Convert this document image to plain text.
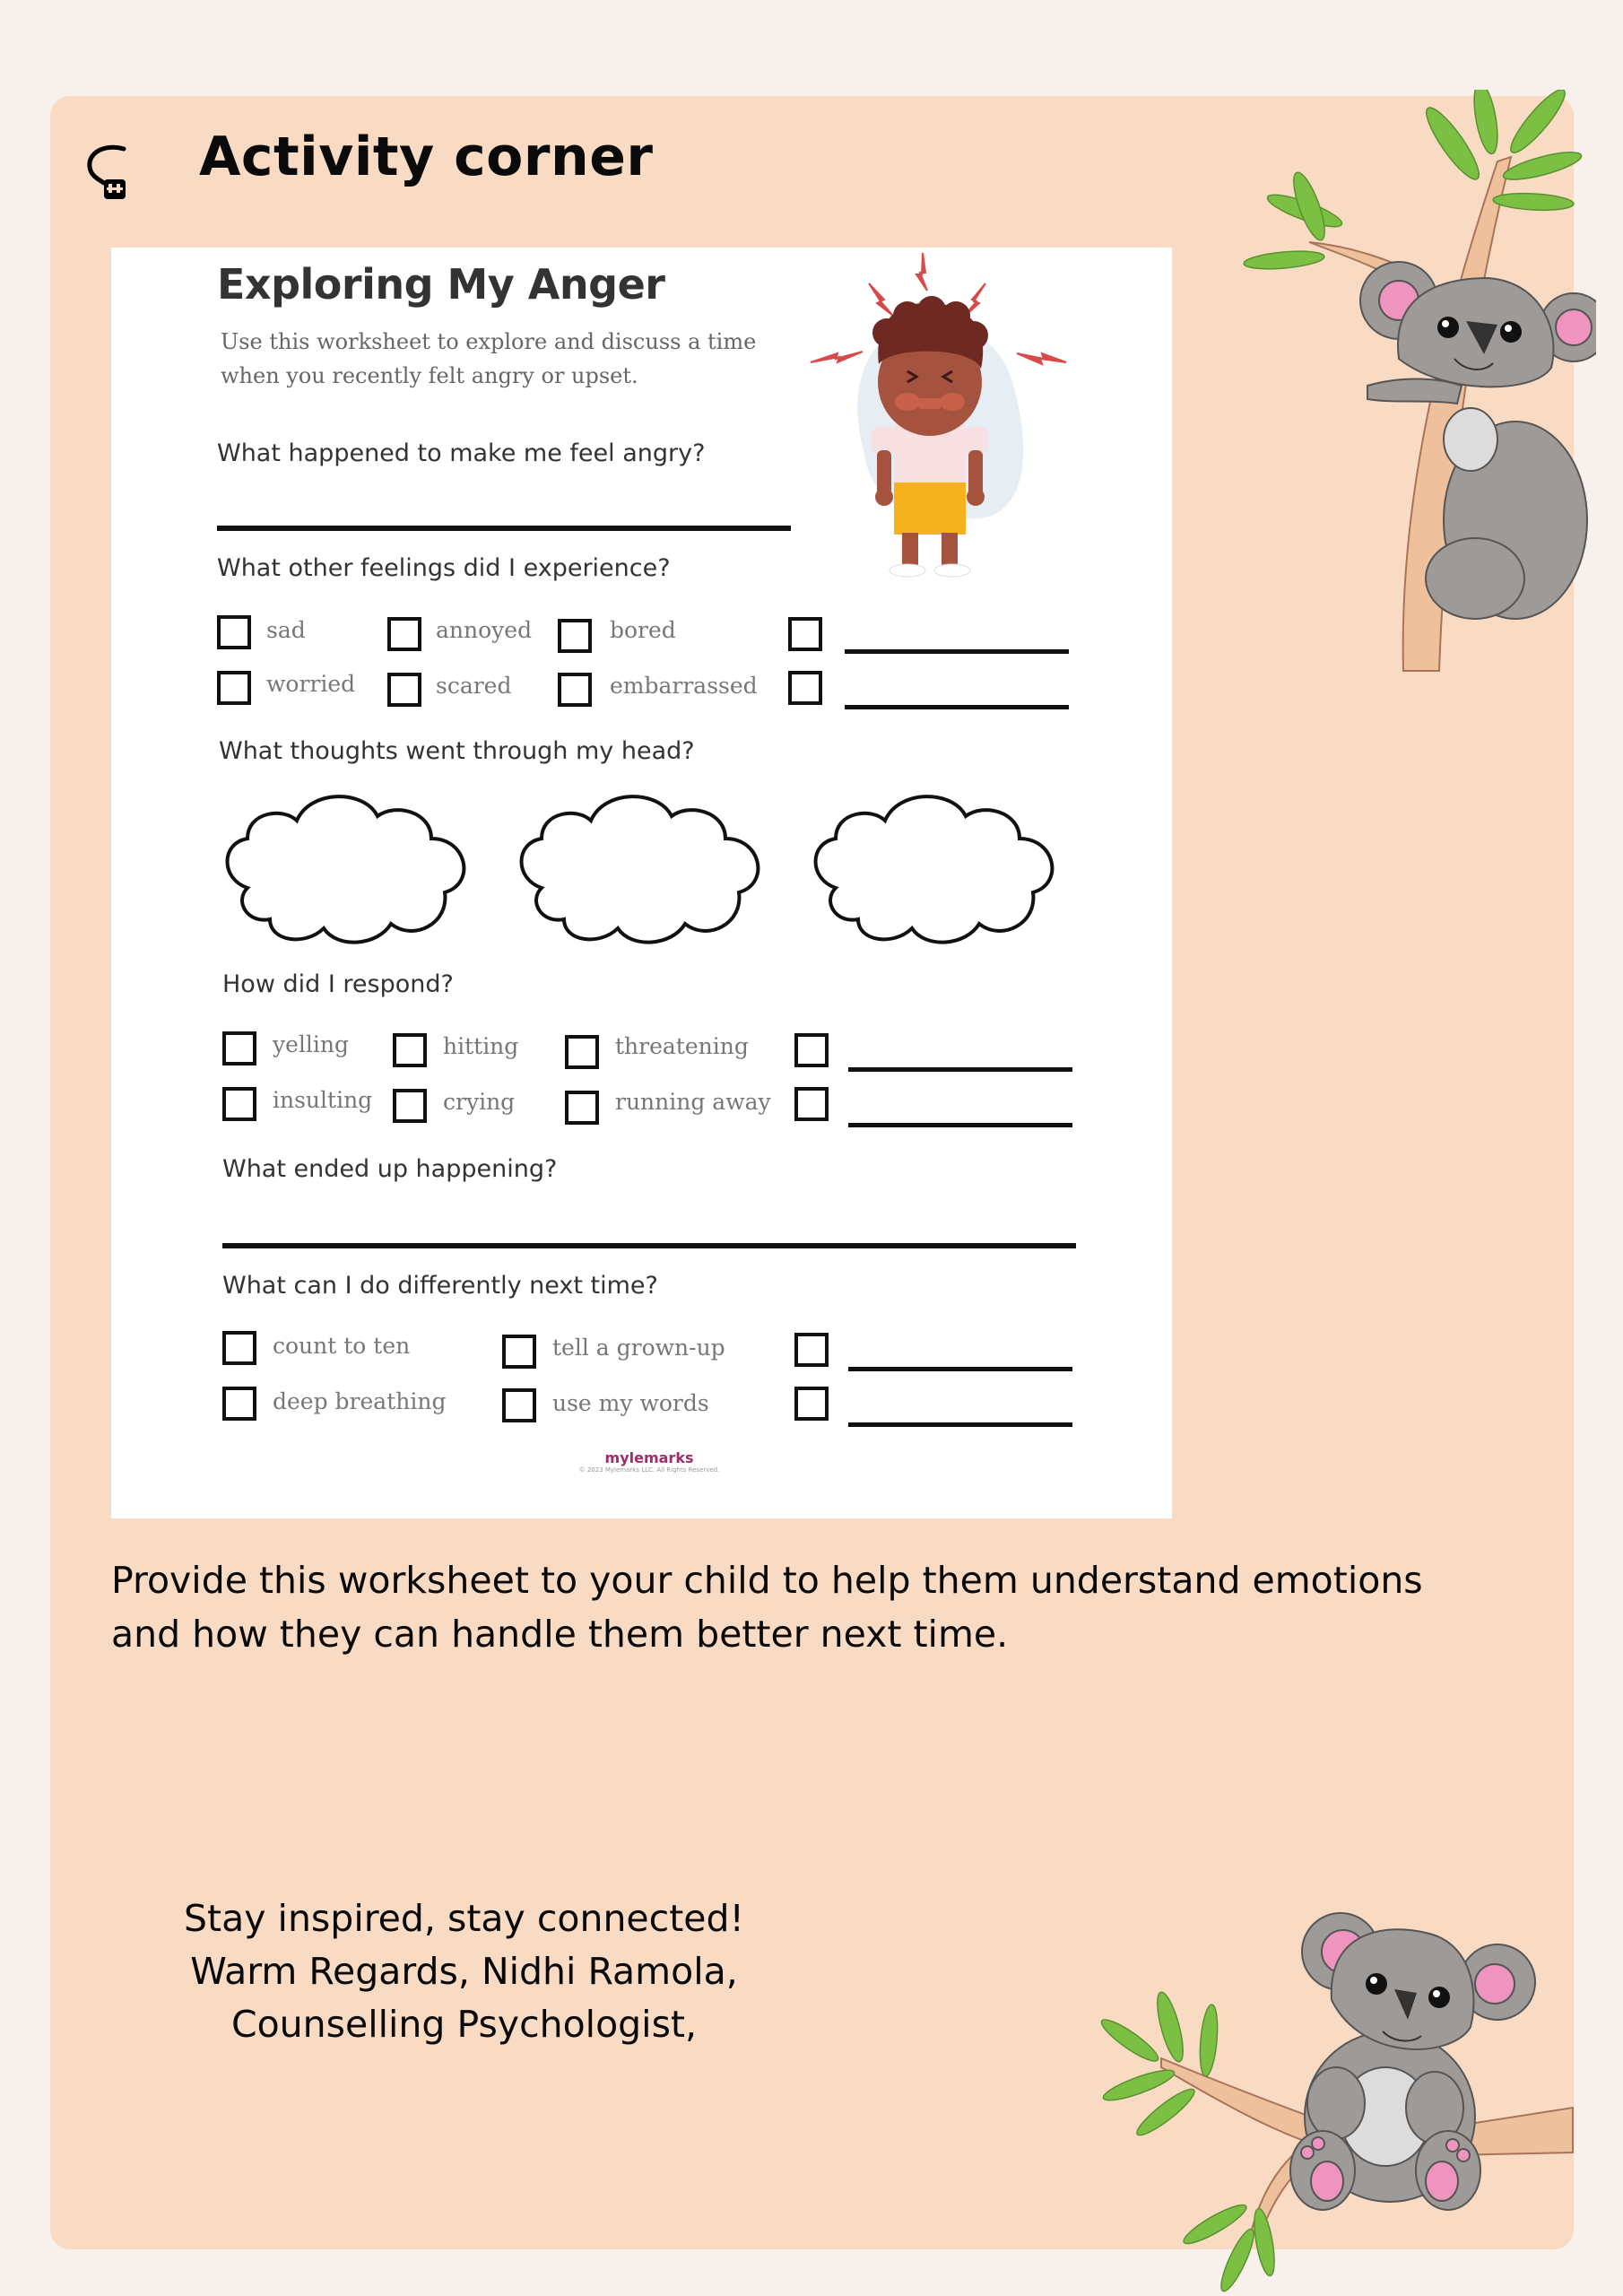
Activity corner
Exploring My Anger
Use this worksheet to explore and discuss a time
when you recently felt angry or upset.
What happened to make me feel angry?
What other feelings did I experience?
sad	annoyed	bored
worried	scared	embarrassed
What thoughts went through my head?
How did I respond?
yelling	hitting	threatening
insulting	crying	running away
What ended up happening?
What can I do differently next time?
count to ten	tell a grown-up
deep breathing	use my words
mylemarks
© 2023 Mylemarks LLC. All Rights Reserved.
Provide this worksheet to your child to help them understand emotions
and how they can handle them better next time.
Stay inspired, stay connected!
Warm Regards, Nidhi Ramola,
Counselling Psychologist,
